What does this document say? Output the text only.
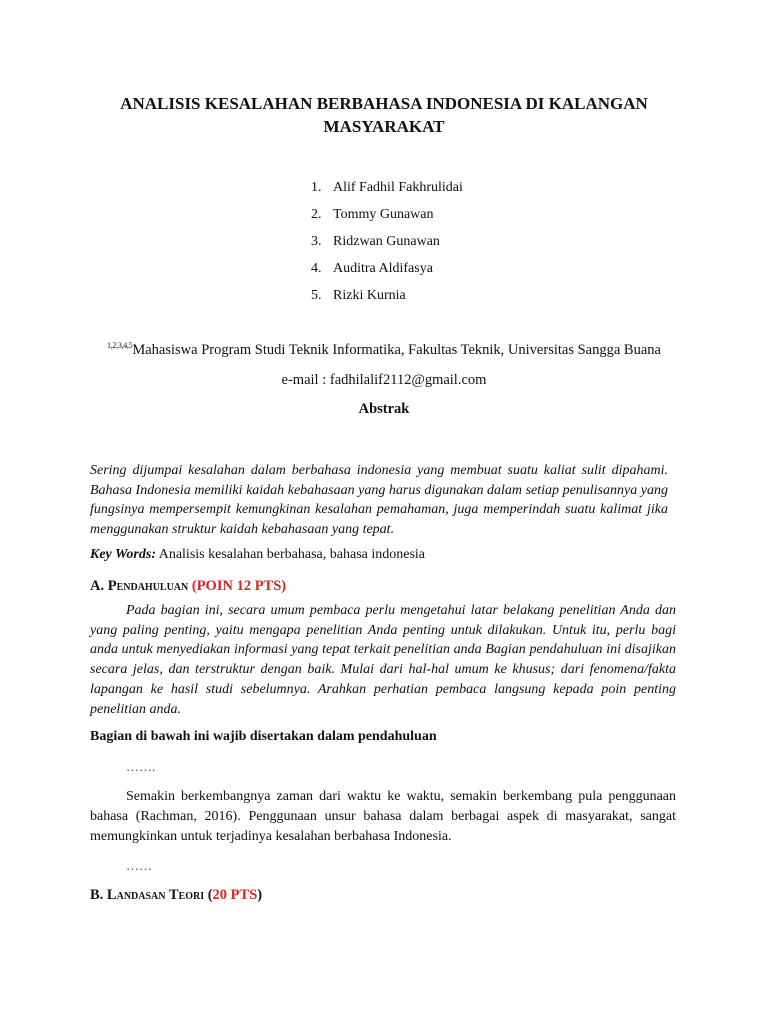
ANALISIS KESALAHAN BERBAHASA INDONESIA DI KALANGAN MASYARAKAT
1. Alif Fadhil Fakhrulidai
2. Tommy Gunawan
3. Ridzwan Gunawan
4. Auditra Aldifasya
5. Rizki Kurnia
$^{1,2,3,4,5}$Mahasiswa Program Studi Teknik Informatika, Fakultas Teknik, Universitas Sangga Buana
e-mail : fadhilalif2112@gmail.com
Abstrak
Sering dijumpai kesalahan dalam berbahasa indonesia yang membuat suatu kaliat sulit dipahami. Bahasa Indonesia memiliki kaidah kebahasaan yang harus digunakan dalam setiap penulisannya yang fungsinya mempersempit kemungkinan kesalahan pemahaman, juga memperindah suatu kalimat jika menggunakan struktur kaidah kebahasaan yang tepat.
Key Words: Analisis kesalahan berbahasa, bahasa indonesia
A. Pendahuluan (POIN 12 PTS)
Pada bagian ini, secara umum pembaca perlu mengetahui latar belakang penelitian Anda dan yang paling penting, yaitu mengapa penelitian Anda penting untuk dilakukan. Untuk itu, perlu bagi anda untuk menyediakan informasi yang tepat terkait penelitian anda Bagian pendahuluan ini disajikan secara jelas, dan terstruktur dengan baik. Mulai dari hal-hal umum ke khusus; dari fenomena/fakta lapangan ke hasil studi sebelumnya. Arahkan perhatian pembaca langsung kepada poin penting penelitian anda.
Bagian di bawah ini wajib disertakan dalam pendahuluan
…….
Semakin berkembangnya zaman dari waktu ke waktu, semakin berkembang pula penggunaan bahasa (Rachman, 2016). Penggunaan unsur bahasa dalam berbagai aspek di masyarakat, sangat memungkinkan untuk terjadinya kesalahan berbahasa Indonesia.
……
B. Landasan Teori (20 PTS)
